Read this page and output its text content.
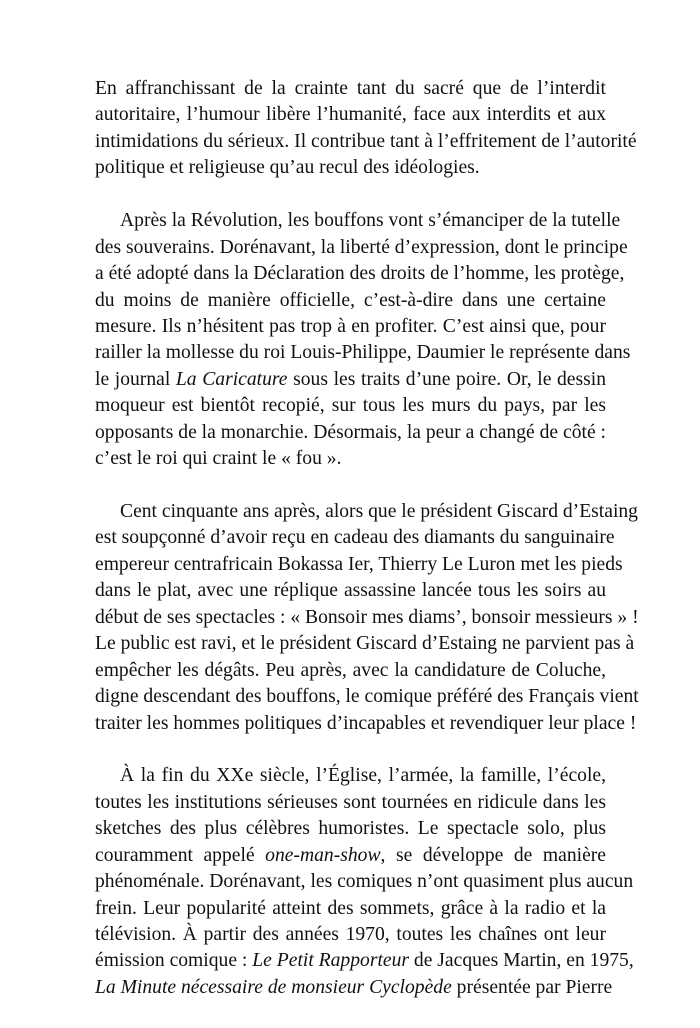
En affranchissant de la crainte tant du sacré que de l’interdit
autoritaire, l’humour libère l’humanité, face aux interdits et aux
intimidations du sérieux. Il contribue tant à l’effritement de l’autorité
politique et religieuse qu’au recul des idéologies.
Après la Révolution, les bouffons vont s’émanciper de la tutelle
des souverains. Dorénavant, la liberté d’expression, dont le principe
a été adopté dans la Déclaration des droits de l’homme, les protège,
du moins de manière officielle, c’est-à-dire dans une certaine
mesure. Ils n’hésitent pas trop à en profiter. C’est ainsi que, pour
railler la mollesse du roi Louis-Philippe, Daumier le représente dans
le journal La Caricature sous les traits d’une poire. Or, le dessin
moqueur est bientôt recopié, sur tous les murs du pays, par les
opposants de la monarchie. Désormais, la peur a changé de côté :
c’est le roi qui craint le « fou ».
Cent cinquante ans après, alors que le président Giscard d’Estaing
est soupçonné d’avoir reçu en cadeau des diamants du sanguinaire
empereur centrafricain Bokassa Ier, Thierry Le Luron met les pieds
dans le plat, avec une réplique assassine lancée tous les soirs au
début de ses spectacles : « Bonsoir mes diams’, bonsoir messieurs » !
Le public est ravi, et le président Giscard d’Estaing ne parvient pas à
empêcher les dégâts. Peu après, avec la candidature de Coluche,
digne descendant des bouffons, le comique préféré des Français vient
traiter les hommes politiques d’incapables et revendiquer leur place !
À la fin du XXe siècle, l’Église, l’armée, la famille, l’école,
toutes les institutions sérieuses sont tournées en ridicule dans les
sketches des plus célèbres humoristes. Le spectacle solo, plus
couramment appelé one-man-show, se développe de manière
phénoménale. Dorénavant, les comiques n’ont quasiment plus aucun
frein. Leur popularité atteint des sommets, grâce à la radio et la
télévision. À partir des années 1970, toutes les chaînes ont leur
émission comique : Le Petit Rapporteur de Jacques Martin, en 1975,
La Minute nécessaire de monsieur Cyclopède présentée par Pierre
